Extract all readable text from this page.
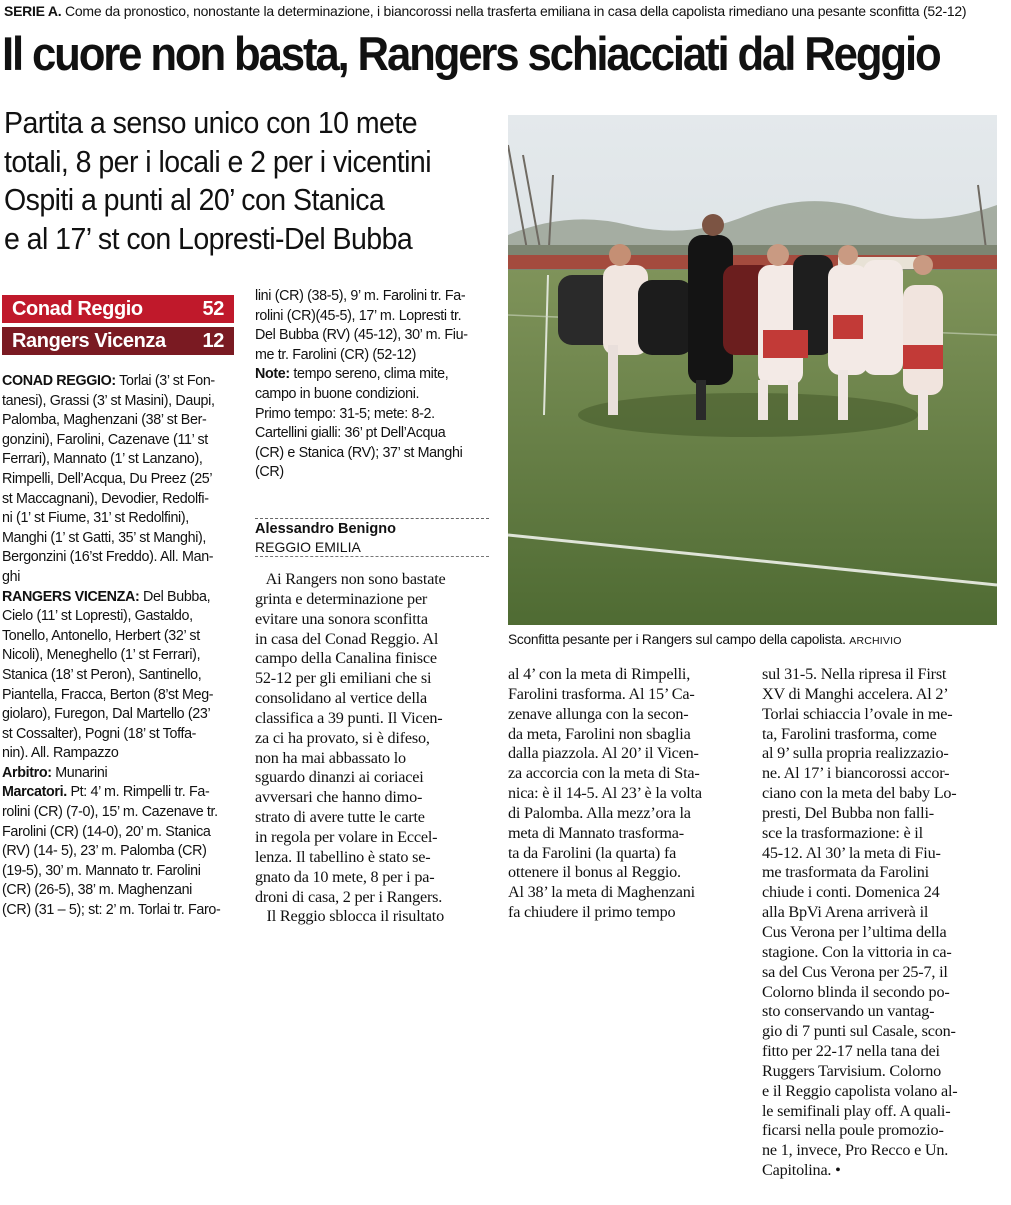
SERIE A. Come da pronostico, nonostante la determinazione, i biancorossi nella trasferta emiliana in casa della capolista rimediano una pesante sconfitta (52-12)
Il cuore non basta, Rangers schiacciati dal Reggio
Partita a senso unico con 10 mete
totali, 8 per i locali e 2 per i vicentini
Ospiti a punti al 20’ con Stanica
e al 17’ st con Lopresti-Del Bubba
Conad Reggio	52
Rangers Vicenza 12
CONAD REGGIO: Torlai (3’ st Fon-
tanesi), Grassi (3’ st Masini), Daupi,
Palomba, Maghenzani (38’ st Ber-
gonzini), Farolini, Cazenave (11’ st
Ferrari), Mannato (1’ st Lanzano),
Rimpelli, Dell’Acqua, Du Preez (25’
st Maccagnani), Devodier, Redolfi-
ni (1’ st Fiume, 31’ st Redolfini),
Manghi (1’ st Gatti, 35’ st Manghi),
Bergonzini (16’st Freddo). All. Man-
ghi
RANGERS VICENZA: Del Bubba,
Cielo (11’ st Lopresti), Gastaldo,
Tonello, Antonello, Herbert (32’ st
Nicoli), Meneghello (1’ st Ferrari),
Stanica (18’ st Peron), Santinello,
Piantella, Fracca, Berton (8’st Meg-
giolaro), Furegon, Dal Martello (23’
st Cossalter), Pogni (18’ st Toffa-
nin). All. Rampazzo
Arbitro: Munarini
Marcatori. Pt: 4’ m. Rimpelli tr. Fa-
rolini (CR) (7-0), 15’ m. Cazenave tr.
Farolini (CR) (14-0), 20’ m. Stanica
(RV) (14- 5), 23’ m. Palomba (CR)
(19-5), 30’ m. Mannato tr. Farolini
(CR) (26-5), 38’ m. Maghenzani
(CR) (31 – 5); st: 2’ m. Torlai tr. Faro-
lini (CR) (38-5), 9’ m. Farolini tr. Fa-
rolini (CR)(45-5), 17’ m. Lopresti tr.
Del Bubba (RV) (45-12), 30’ m. Fiu-
me tr. Farolini (CR) (52-12)
Note: tempo sereno, clima mite,
campo in buone condizioni.
Primo tempo: 31-5; mete: 8-2.
Cartellini gialli: 36’ pt Dell’Acqua
(CR) e Stanica (RV); 37’ st Manghi
(CR)
Alessandro Benigno
REGGIO EMILIA
Ai Rangers non sono bastate
grinta e determinazione per
evitare una sonora sconfitta
in casa del Conad Reggio. Al
campo della Canalina finisce
52-12 per gli emiliani che si
consolidano al vertice della
classifica a 39 punti. Il Vicen-
za ci ha provato, si è difeso,
non ha mai abbassato lo
sguardo dinanzi ai coriacei
avversari che hanno dimo-
strato di avere tutte le carte
in regola per volare in Eccel-
lenza. Il tabellino è stato se-
gnato da 10 mete, 8 per i pa-
droni di casa, 2 per i Rangers.
Il Reggio sblocca il risultato
al 4’ con la meta di Rimpelli,
Farolini trasforma. Al 15’ Ca-
zenave allunga con la secon-
da meta, Farolini non sbaglia
dalla piazzola. Al 20’ il Vicen-
za accorcia con la meta di Sta-
nica: è il 14-5. Al 23’ è la volta
di Palomba. Alla mezz’ora la
meta di Mannato trasforma-
ta da Farolini (la quarta) fa
ottenere il bonus al Reggio.
Al 38’ la meta di Maghenzani
fa chiudere il primo tempo
sul 31-5. Nella ripresa il First
XV di Manghi accelera. Al 2’
Torlai schiaccia l’ovale in me-
ta, Farolini trasforma, come
al 9’ sulla propria realizzazio-
ne. Al 17’ i biancorossi accor-
ciano con la meta del baby Lo-
presti, Del Bubba non falli-
sce la trasformazione: è il
45-12. Al 30’ la meta di Fiu-
me trasformata da Farolini
chiude i conti. Domenica 24
alla BpVi Arena arriverà il
Cus Verona per l’ultima della
stagione. Con la vittoria in ca-
sa del Cus Verona per 25-7, il
Colorno blinda il secondo po-
sto conservando un vantag-
gio di 7 punti sul Casale, scon-
fitto per 22-17 nella tana dei
Ruggers Tarvisium. Colorno
e il Reggio capolista volano al-
le semifinali play off. A quali-
ficarsi nella poule promozio-
ne 1, invece, Pro Recco e Un.
Capitolina. •
Sconfitta pesante per i Rangers sul campo della capolista. ARCHIVIO
